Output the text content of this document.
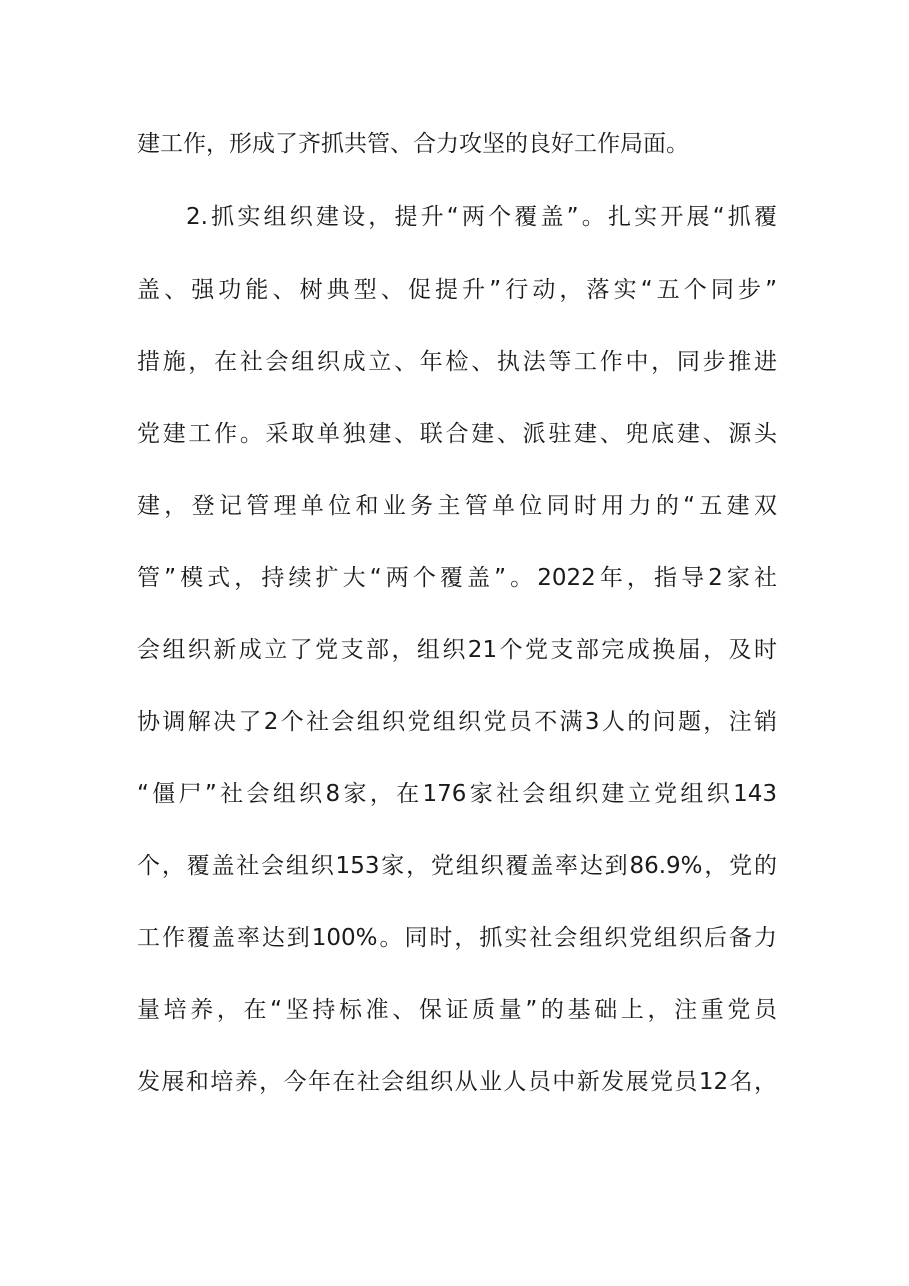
建工作，形成了齐抓共管、合力攻坚的良好工作局面。
2.抓实组织建设，提升“两个覆盖”。扎实开展“抓覆
盖、强功能、树典型、促提升”行动，落实“五个同步”
措施，在社会组织成立、年检、执法等工作中，同步推进
党建工作。采取单独建、联合建、派驻建、兜底建、源头
建，登记管理单位和业务主管单位同时用力的“五建双
管”模式，持续扩大“两个覆盖”。2022年，指导2家社
会组织新成立了党支部，组织21个党支部完成换届，及时
协调解决了2个社会组织党组织党员不满3人的问题，注销
“僵尸”社会组织8家，在176家社会组织建立党组织143
个，覆盖社会组织153家，党组织覆盖率达到86.9%，党的
工作覆盖率达到100%。同时，抓实社会组织党组织后备力
量培养，在“坚持标准、保证质量”的基础上，注重党员
发展和培养，今年在社会组织从业人员中新发展党员12名，
